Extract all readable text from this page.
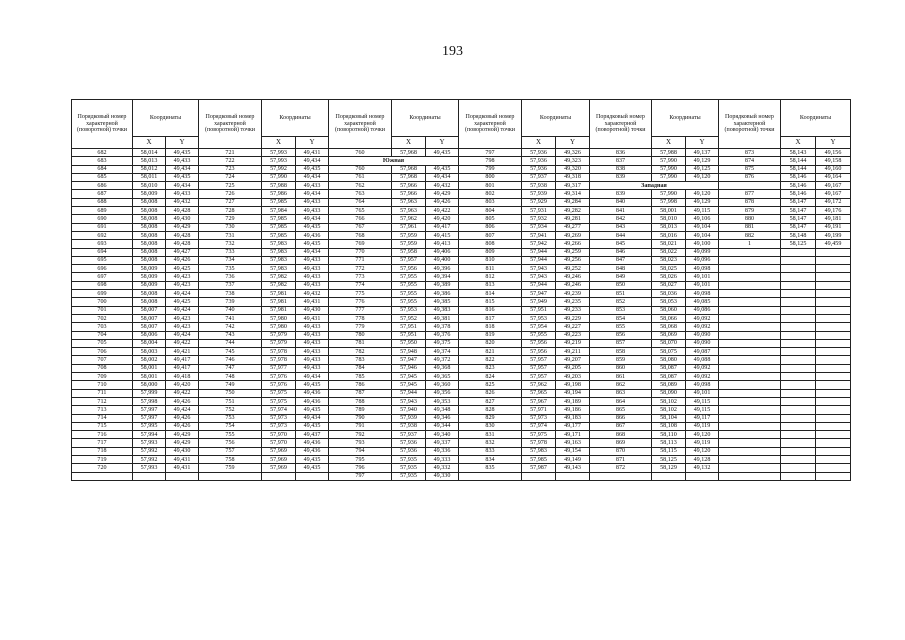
193
Порядковый номер характерной (поворотной) точки	Координаты		Порядковый номер характерной (поворотной) точки	Координаты		Порядковый номер характерной (поворотной) точки	Координаты		Порядковый номер характерной (поворотной) точки	Координаты		Порядковый номер характерной (поворотной) точки	Координаты		Порядковый номер характерной (поворотной) точки	Координаты	
	X	Y		X	Y		X	Y		X	Y		X	Y		X	Y
682	58,014	49,435	721	57,993	49,431	760	57,968	49,435	797	57,936	49,326	836	57,988	49,137	873	58,143	49,156
683	58,013	49,433	722	57,993	49,434	Южная			798	57,936	49,323	837	57,990	49,129	874	58,144	49,158
684	58,012	49,434	723	57,992	49,435	760	57,968	49,435	799	57,936	49,320	838	57,990	49,125	875	58,144	49,160
685	58,011	49,435	724	57,990	49,434	761	57,968	49,434	800	57,937	49,318	839	57,990	49,120	876	58,146	49,164
686	58,010	49,434	725	57,988	49,433	762	57,966	49,432	801	57,938	49,317	Западная				58,146	49,167
687	58,009	49,433	726	57,986	49,434	763	57,966	49,429	802	57,939	49,314	839	57,990	49,120	877	58,146	49,167
688	58,008	49,432	727	57,985	49,433	764	57,963	49,426	803	57,929	49,284	840	57,998	49,129	878	58,147	49,172
689	58,008	49,428	728	57,984	49,433	765	57,963	49,422	804	57,931	49,282	841	58,001	49,115	879	58,147	49,176
690	58,008	49,430	729	57,985	49,434	766	57,962	49,420	805	57,932	49,281	842	58,010	49,106	880	58,147	49,181
691	58,008	49,429	730	57,985	49,435	767	57,961	49,417	806	57,934	49,277	843	58,013	49,104	881	58,147	49,191
692	58,008	49,428	731	57,985	49,436	768	57,959	49,415	807	57,941	49,269	844	58,016	49,104	882	58,148	49,199
693	58,008	49,428	732	57,983	49,435	769	57,959	49,413	808	57,942	49,266	845	58,021	49,100	1	58,125	49,459
694	58,008	49,427	733	57,983	49,434	770	57,958	49,406	809	57,944	49,259	846	58,022	49,099			
695	58,008	49,426	734	57,983	49,433	771	57,957	49,400	810	57,944	49,256	847	58,023	49,096			
696	58,009	49,425	735	57,983	49,433	772	57,956	49,396	811	57,943	49,252	848	58,025	49,098			
697	58,009	49,423	736	57,982	49,433	773	57,955	49,394	812	57,943	49,246	849	58,026	49,101			
698	58,009	49,423	737	57,982	49,433	774	57,955	49,389	813	57,944	49,246	850	58,027	49,101			
699	58,008	49,424	738	57,981	49,432	775	57,955	49,386	814	57,947	49,239	851	58,036	49,098			
700	58,008	49,425	739	57,981	49,431	776	57,955	49,385	815	57,949	49,235	852	58,053	49,085			
701	58,007	49,424	740	57,981	49,430	777	57,953	49,383	816	57,951	49,233	853	58,060	49,086			
702	58,007	49,423	741	57,980	49,431	778	57,952	49,381	817	57,953	49,229	854	58,066	49,092			
703	58,007	49,423	742	57,980	49,433	779	57,951	49,378	818	57,954	49,227	855	58,068	49,092			
704	58,006	49,424	743	57,979	49,433	780	57,951	49,376	819	57,955	49,223	856	58,069	49,090			
705	58,004	49,422	744	57,979	49,433	781	57,950	49,375	820	57,956	49,219	857	58,070	49,090			
706	58,003	49,421	745	57,978	49,433	782	57,948	49,374	821	57,956	49,211	858	58,075	49,087			
707	58,002	49,417	746	57,978	49,433	783	57,947	49,372	822	57,957	49,207	859	58,080	49,088			
708	58,001	49,417	747	57,977	49,433	784	57,946	49,368	823	57,957	49,205	860	58,087	49,092			
709	58,001	49,418	748	57,976	49,434	785	57,945	49,365	824	57,957	49,203	861	58,087	49,092			
710	58,000	49,420	749	57,976	49,435	786	57,945	49,360	825	57,962	49,198	862	58,089	49,098			
711	57,999	49,422	750	57,975	49,436	787	57,944	49,356	826	57,965	49,194	863	58,090	49,101			
712	57,998	49,426	751	57,975	49,436	788	57,943	49,353	827	57,967	49,189	864	58,102	49,115			
713	57,997	49,424	752	57,974	49,435	789	57,940	49,348	828	57,971	49,186	865	58,102	49,115			
714	57,997	49,426	753	57,973	49,434	790	57,939	49,346	829	57,973	49,183	866	58,104	49,117			
715	57,995	49,426	754	57,973	49,435	791	57,938	49,344	830	57,974	49,177	867	58,108	49,119			
716	57,994	49,429	755	57,970	49,437	792	57,937	49,340	831	57,975	49,171	868	58,110	49,120			
717	57,993	49,429	756	57,970	49,436	793	57,936	49,337	832	57,978	49,163	869	58,113	49,119			
718	57,992	49,430	757	57,969	49,436	794	57,936	49,336	833	57,983	49,154	870	58,115	49,120			
719	57,992	49,431	758	57,969	49,435	795	57,935	49,333	834	57,985	49,149	871	58,125	49,128			
720	57,993	49,431	759	57,969	49,435	796	57,935	49,332	835	57,987	49,143	872	58,129	49,132			
						797	57,935	49,330									
